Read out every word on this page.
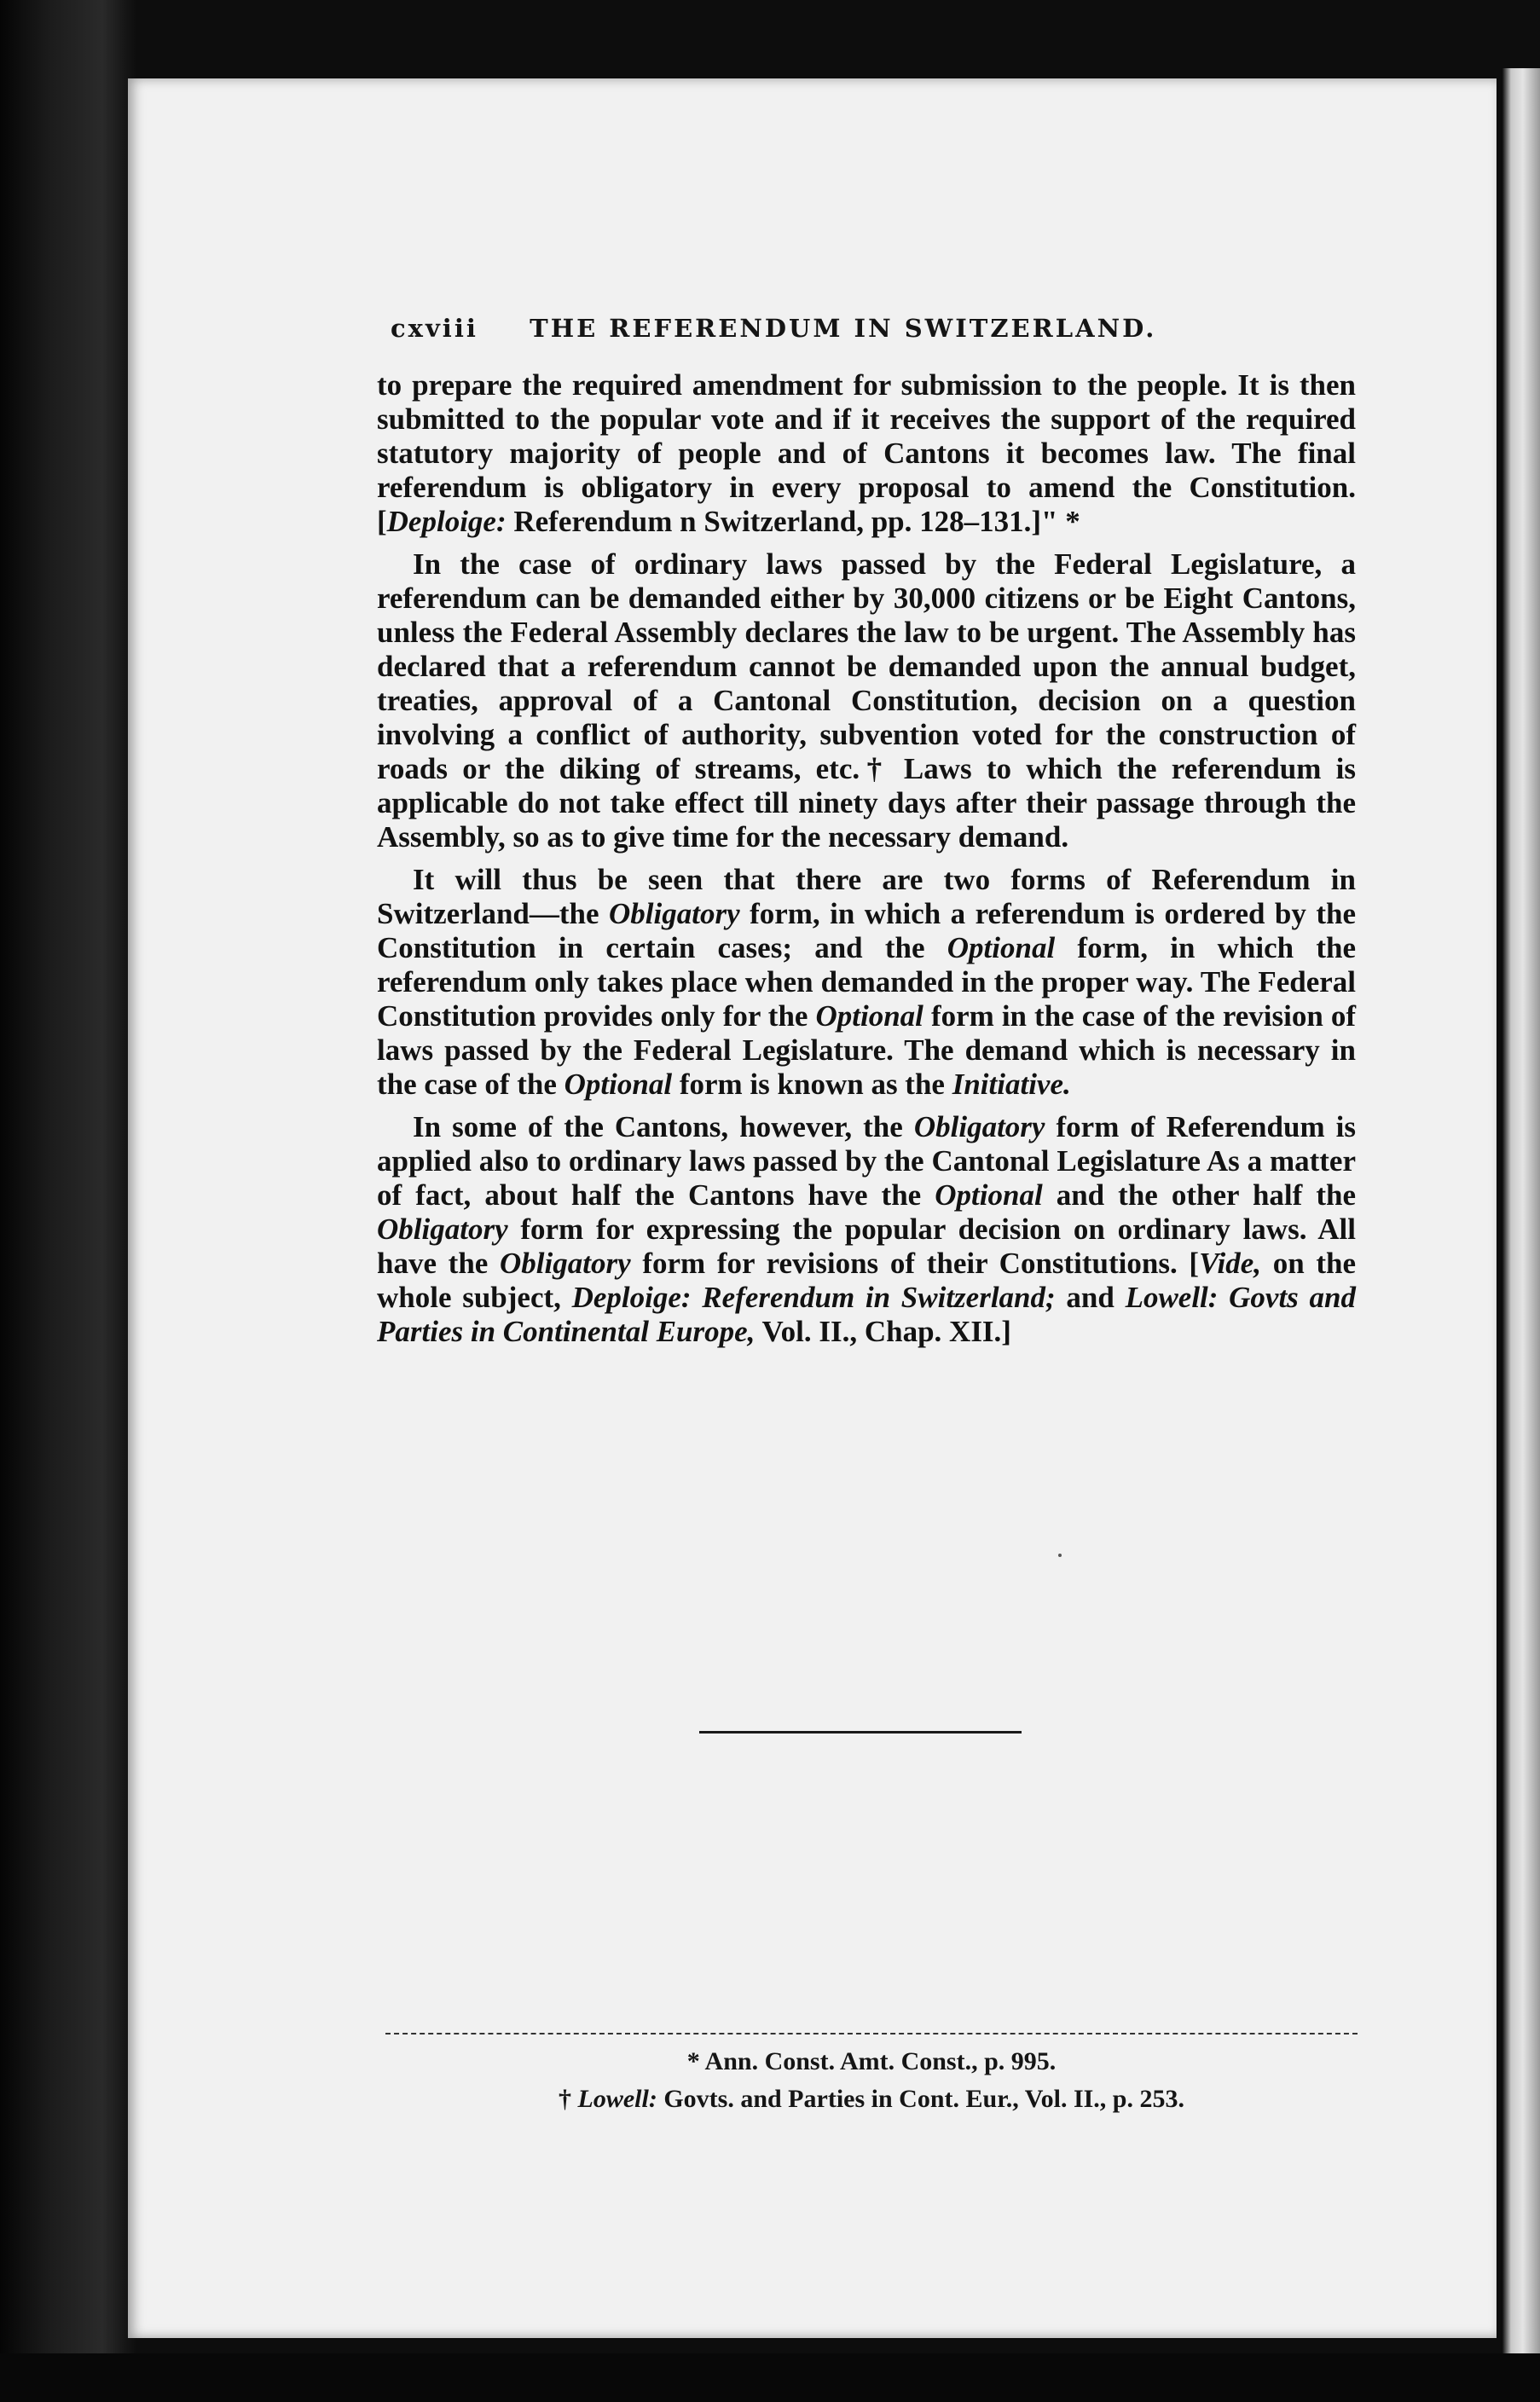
cxviii THE REFERENDUM IN SWITZERLAND.

to prepare the required amendment for submission to the people. It is then submitted to the popular vote and if it receives the support of the required statutory majority of people and of Cantons it becomes law. The final referendum is obligatory in every proposal to amend the Constitution. [Deploige: Referendum n Switzerland, pp. 128–131.]" *

In the case of ordinary laws passed by the Federal Legislature, a referendum can be demanded either by 30,000 citizens or be Eight Cantons, unless the Federal Assembly declares the law to be urgent. The Assembly has declared that a referendum cannot be demanded upon the annual budget, treaties, approval of a Cantonal Constitution, decision on a question involving a conflict of authority, subvention voted for the construction of roads or the diking of streams, etc.† Laws to which the referendum is applicable do not take effect till ninety days after their passage through the Assembly, so as to give time for the necessary demand.

It will thus be seen that there are two forms of Referendum in Switzerland—the Obligatory form, in which a referendum is ordered by the Constitution in certain cases; and the Optional form, in which the referendum only takes place when demanded in the proper way. The Federal Constitution provides only for the Optional form in the case of the revision of laws passed by the Federal Legislature. The demand which is necessary in the case of the Optional form is known as the Initiative.

In some of the Cantons, however, the Obligatory form of Referendum is applied also to ordinary laws passed by the Cantonal Legislature As a matter of fact, about half the Cantons have the Optional and the other half the Obligatory form for expressing the popular decision on ordinary laws. All have the Obligatory form for revisions of their Constitutions. [Vide, on the whole subject, Deploige: Referendum in Switzerland; and Lowell: Govts and Parties in Continental Europe, Vol. II., Chap. XII.]

* Ann. Const. Amt. Const., p. 995.
† Lowell: Govts. and Parties in Cont. Eur., Vol. II., p. 253.
